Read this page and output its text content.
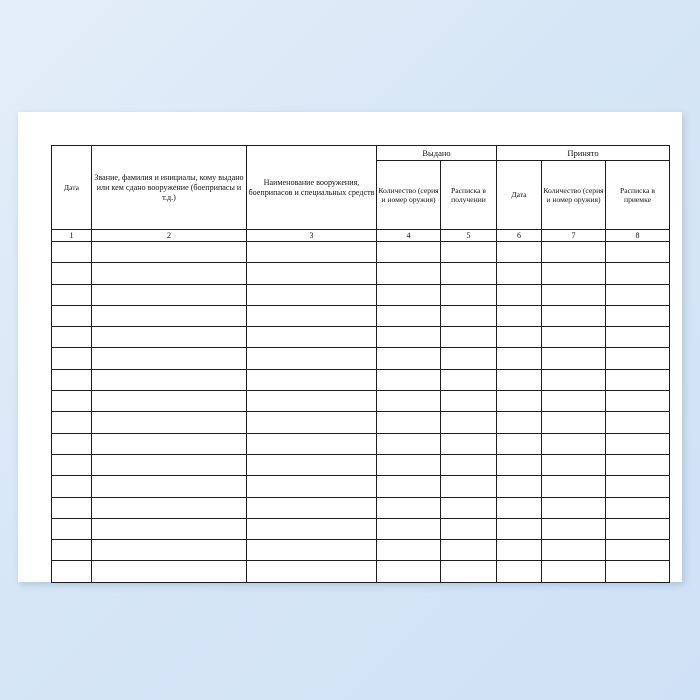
Дата	Звание, фамилия и инициалы, кому выдано или кем сдано вооружение (боеприпасы и т.д.)	Наименование вооружения, боеприпасов и специальных средств	Выдано		Принято		
			Количество (серия и номер оружия)	Расписка в получении	Дата	Количество (серия и номер оружия)	Расписка в приемке
1	2	3	4	5	6	7	8
